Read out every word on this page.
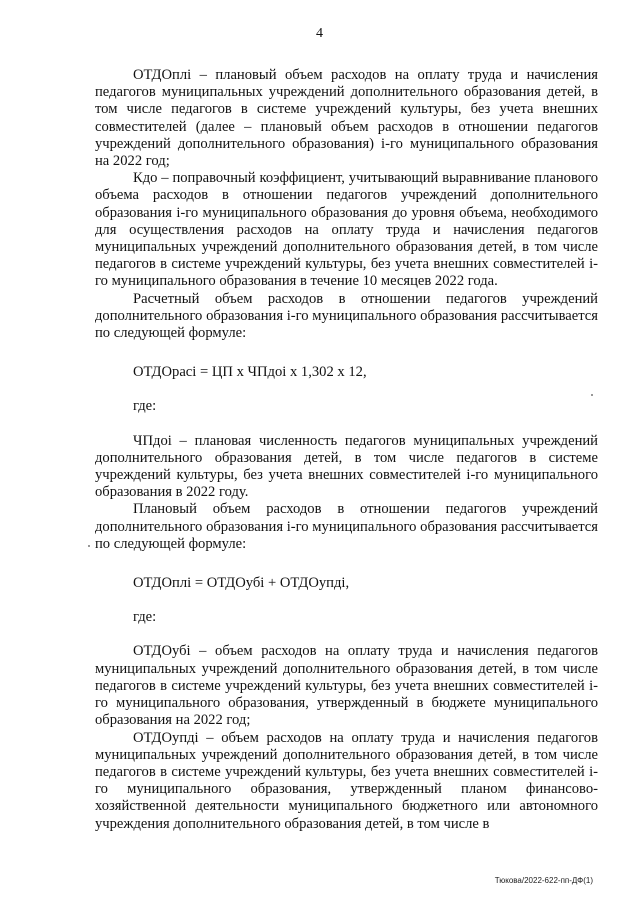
4

ОТДОплі – плановый объем расходов на оплату труда и начисления педагогов муниципальных учреждений дополнительного образования детей, в том числе педагогов в системе учреждений культуры, без учета внешних совместителей (далее – плановый объем расходов в отношении педагогов учреждений дополнительного образования) і-го муниципального образования на 2022 год;

Кдо – поправочный коэффициент, учитывающий выравнивание планового объема расходов в отношении педагогов учреждений дополнительного образования і-го муниципального образования до уровня объема, необходимого для осуществления расходов на оплату труда и начисления педагогов муниципальных учреждений дополнительного образования детей, в том числе педагогов в системе учреждений культуры, без учета внешних совместителей і-го муниципального образования в течение 10 месяцев 2022 года.

Расчетный объем расходов в отношении педагогов учреждений дополнительного образования і-го муниципального образования рассчитывается по следующей формуле:

ОТДОрасі = ЦП х ЧПдоі х 1,302 х 12,
где:

ЧПдоі – плановая численность педагогов муниципальных учреждений дополнительного образования детей, в том числе педагогов в системе учреждений культуры, без учета внешних совместителей і-го муниципального образования в 2022 году.

Плановый объем расходов в отношении педагогов учреждений дополнительного образования і-го муниципального образования рассчитывается по следующей формуле:

ОТДОплі = ОТДОубі + ОТДОупді,
где:

ОТДОубі – объем расходов на оплату труда и начисления педагогов муниципальных учреждений дополнительного образования детей, в том числе педагогов в системе учреждений культуры, без учета внешних совместителей і-го муниципального образования, утвержденный в бюджете муниципального образования на 2022 год;

ОТДОупді – объем расходов на оплату труда и начисления педагогов муниципальных учреждений дополнительного образования детей, в том числе педагогов в системе учреждений культуры, без учета внешних совместителей і-го муниципального образования, утвержденный планом финансово-хозяйственной деятельности муниципального бюджетного или автономного учреждения дополнительного образования детей, в том числе в

Тюкова/2022-622-пп-ДФ(1)
